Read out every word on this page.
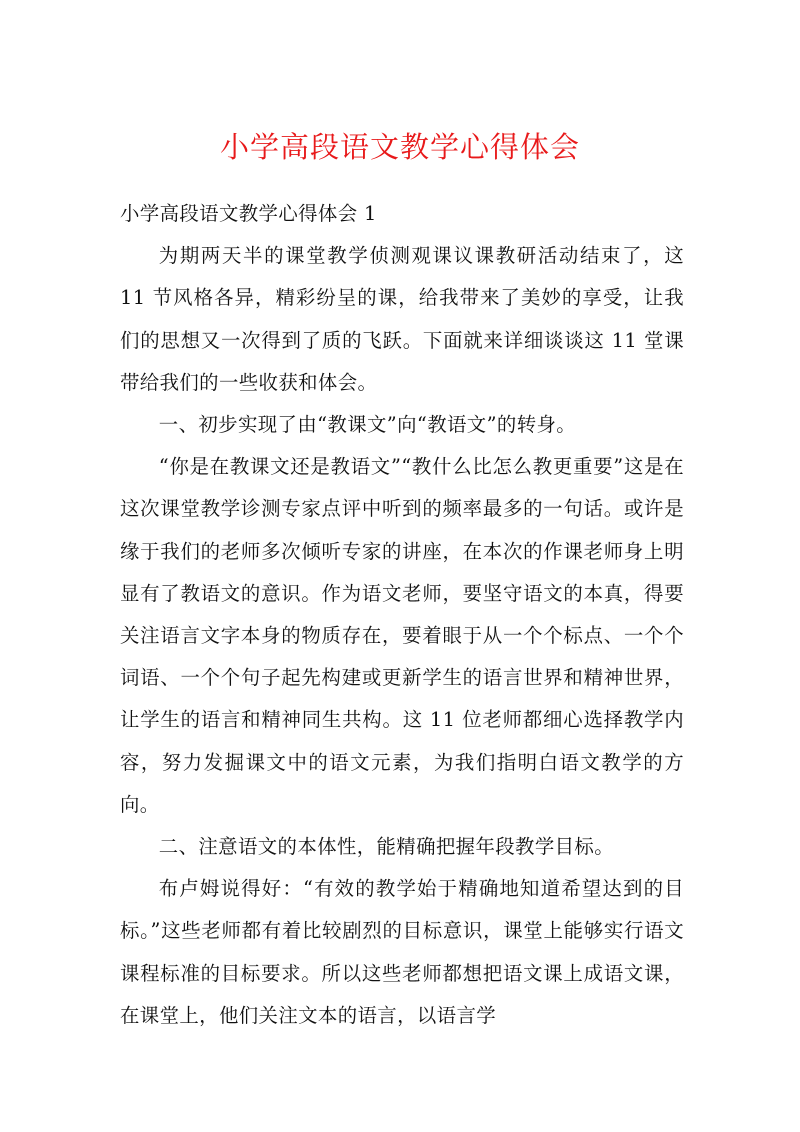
小学高段语文教学心得体会

小学高段语文教学心得体会 1

为期两天半的课堂教学侦测观课议课教研活动结束了，这 11 节风格各异，精彩纷呈的课，给我带来了美妙的享受，让我们的思想又一次得到了质的飞跃。下面就来详细谈谈这 11 堂课带给我们的一些收获和体会。

一、初步实现了由“教课文”向“教语文”的转身。

“你是在教课文还是教语文”“教什么比怎么教更重要”这是在这次课堂教学诊测专家点评中听到的频率最多的一句话。或许是缘于我们的老师多次倾听专家的讲座，在本次的作课老师身上明显有了教语文的意识。作为语文老师，要坚守语文的本真，得要关注语言文字本身的物质存在，要着眼于从一个个标点、一个个词语、一个个句子起先构建或更新学生的语言世界和精神世界，让学生的语言和精神同生共构。这 11 位老师都细心选择教学内容，努力发掘课文中的语文元素，为我们指明白语文教学的方向。

二、注意语文的本体性，能精确把握年段教学目标。

布卢姆说得好：“有效的教学始于精确地知道希望达到的目标。”这些老师都有着比较剧烈的目标意识，课堂上能够实行语文课程标准的目标要求。所以这些老师都想把语文课上成语文课，在课堂上，他们关注文本的语言，以语言学
